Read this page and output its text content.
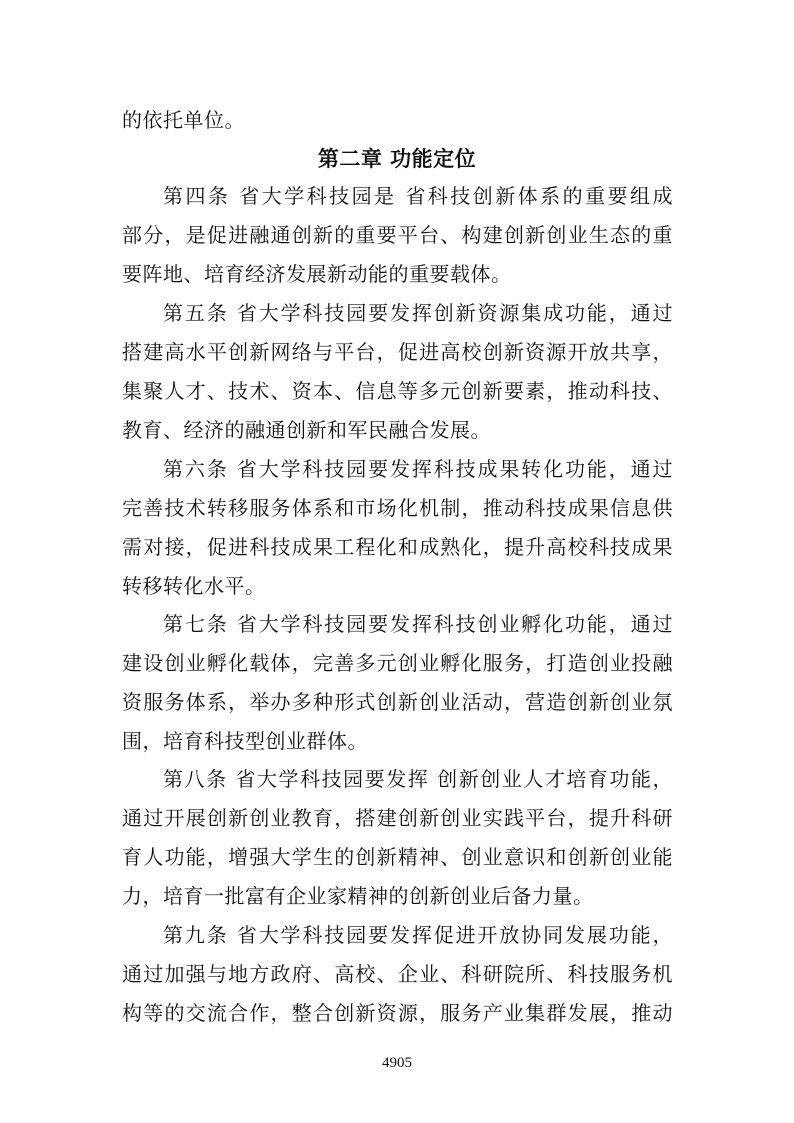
的依托单位。
第二章 功能定位
第四条 省大学科技园是 省科技创新体系的重要组成
部分，是促进融通创新的重要平台、构建创新创业生态的重
要阵地、培育经济发展新动能的重要载体。
第五条 省大学科技园要发挥创新资源集成功能，通过
搭建高水平创新网络与平台，促进高校创新资源开放共享，
集聚人才、技术、资本、信息等多元创新要素，推动科技、
教育、经济的融通创新和军民融合发展。
第六条 省大学科技园要发挥科技成果转化功能，通过
完善技术转移服务体系和市场化机制，推动科技成果信息供
需对接，促进科技成果工程化和成熟化，提升高校科技成果
转移转化水平。
第七条 省大学科技园要发挥科技创业孵化功能，通过
建设创业孵化载体，完善多元创业孵化服务，打造创业投融
资服务体系，举办多种形式创新创业活动，营造创新创业氛
围，培育科技型创业群体。
第八条 省大学科技园要发挥 创新创业人才培育功能，
通过开展创新创业教育，搭建创新创业实践平台，提升科研
育人功能，增强大学生的创新精神、创业意识和创新创业能
力，培育一批富有企业家精神的创新创业后备力量。
第九条 省大学科技园要发挥促进开放协同发展功能，
通过加强与地方政府、高校、企业、科研院所、科技服务机
构等的交流合作，整合创新资源，服务产业集群发展，推动
4905
